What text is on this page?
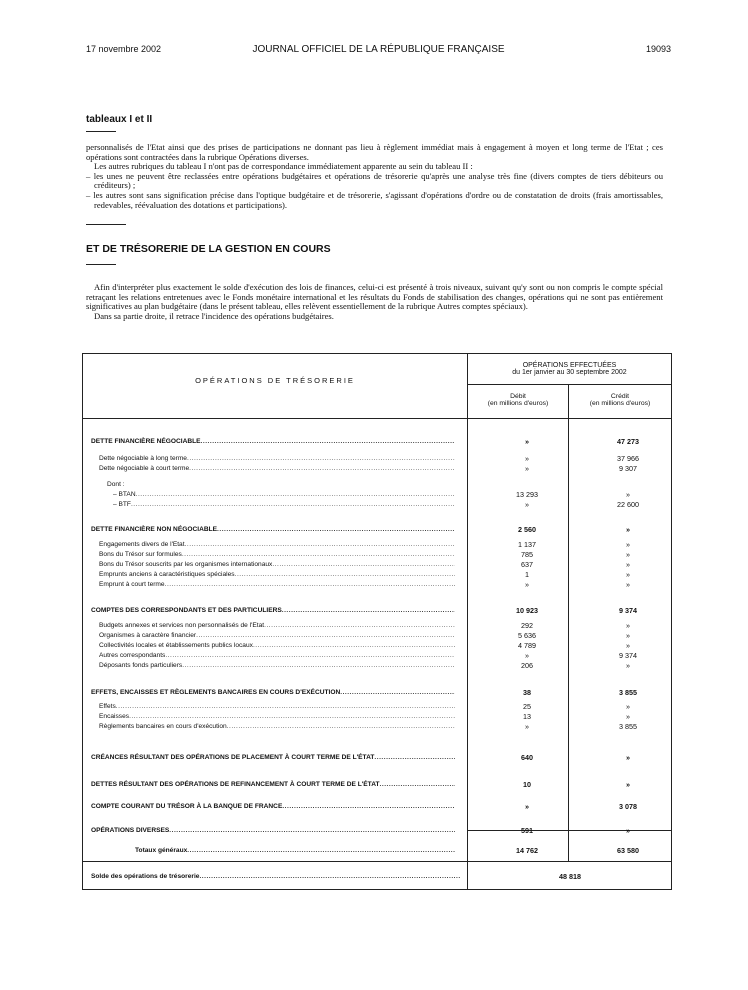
17 novembre 2002	JOURNAL OFFICIEL DE LA RÉPUBLIQUE FRANÇAISE	19093
tableaux I et II

personnalisés de l'Etat ainsi que des prises de participations ne donnant pas lieu à règlement immédiat mais à engagement à moyen et long terme de l'Etat ; ces opérations sont contractées dans la rubrique Opérations diverses.

Les autres rubriques du tableau I n'ont pas de correspondance immédiatement apparente au sein du tableau II :

– les unes ne peuvent être reclassées entre opérations budgétaires et opérations de trésorerie qu'après une analyse très fine (divers comptes de tiers débiteurs ou créditeurs) ;

– les autres sont sans signification précise dans l'optique budgétaire et de trésorerie, s'agissant d'opérations d'ordre ou de constatation de droits (frais amortissables, redevables, réévaluation des dotations et participations).

ET DE TRÉSORERIE DE LA GESTION EN COURS

Afin d'interpréter plus exactement le solde d'exécution des lois de finances, celui-ci est présenté à trois niveaux, suivant qu'y sont ou non compris le compte spécial retraçant les relations entretenues avec le Fonds monétaire international et les résultats du Fonds de stabilisation des changes, opérations qui ne sont pas entièrement significatives au plan budgétaire (dans le présent tableau, elles relèvent essentiellement de la rubrique Autres comptes spéciaux).

Dans sa partie droite, il retrace l'incidence des opérations budgétaires.

OPÉRATIONS DE TRÉSORERIE
OPÉRATIONS EFFECTUÉES
du 1er janvier au 30 septembre 2002
Débit
(en millions d'euros)
Crédit
(en millions d'euros)
DETTE FINANCIÈRE NÉGOCIABLE .....	»	47 273
Dette négociable à long terme .....	»	37 966
Dette négociable à court terme .....	»	9 307
Dont :
– BTAN .....	13 293	»
– BTF .....	»	22 600
DETTE FINANCIÈRE NON NÉGOCIABLE .....	2 560	»
Engagements divers de l'Etat .....	1 137	»
Bons du Trésor sur formules .....	785	»
Bons du Trésor souscrits par les organismes internationaux .....	637	»
Emprunts anciens à caractéristiques spéciales .....	1	»
Emprunt à court terme .....	»	»
COMPTES DES CORRESPONDANTS ET DES PARTICULIERS .....	10 923	9 374
Budgets annexes et services non personnalisés de l'Etat .....	292	»
Organismes à caractère financier .....	5 636	»
Collectivités locales et établissements publics locaux .....	4 789	»
Autres correspondants .....	»	9 374
Déposants fonds particuliers .....	206	»
EFFETS, ENCAISSES ET RÈGLEMENTS BANCAIRES EN COURS D'EXÉCUTION .....	38	3 855
Effets .....	25	»
Encaisses .....	13	»
Règlements bancaires en cours d'exécution .....	»	3 855
CRÉANCES RÉSULTANT DES OPÉRATIONS DE PLACEMENT À COURT TERME DE L'ÉTAT .....	640	»
DETTES RÉSULTANT DES OPÉRATIONS DE REFINANCEMENT À COURT TERME DE L'ÉTAT .....	10	»
COMPTE COURANT DU TRÉSOR À LA BANQUE DE FRANCE .....	»	3 078
OPÉRATIONS DIVERSES .....	591	»
Totaux généraux .....	14 762	63 580
Solde des opérations de trésorerie .....	48 818
